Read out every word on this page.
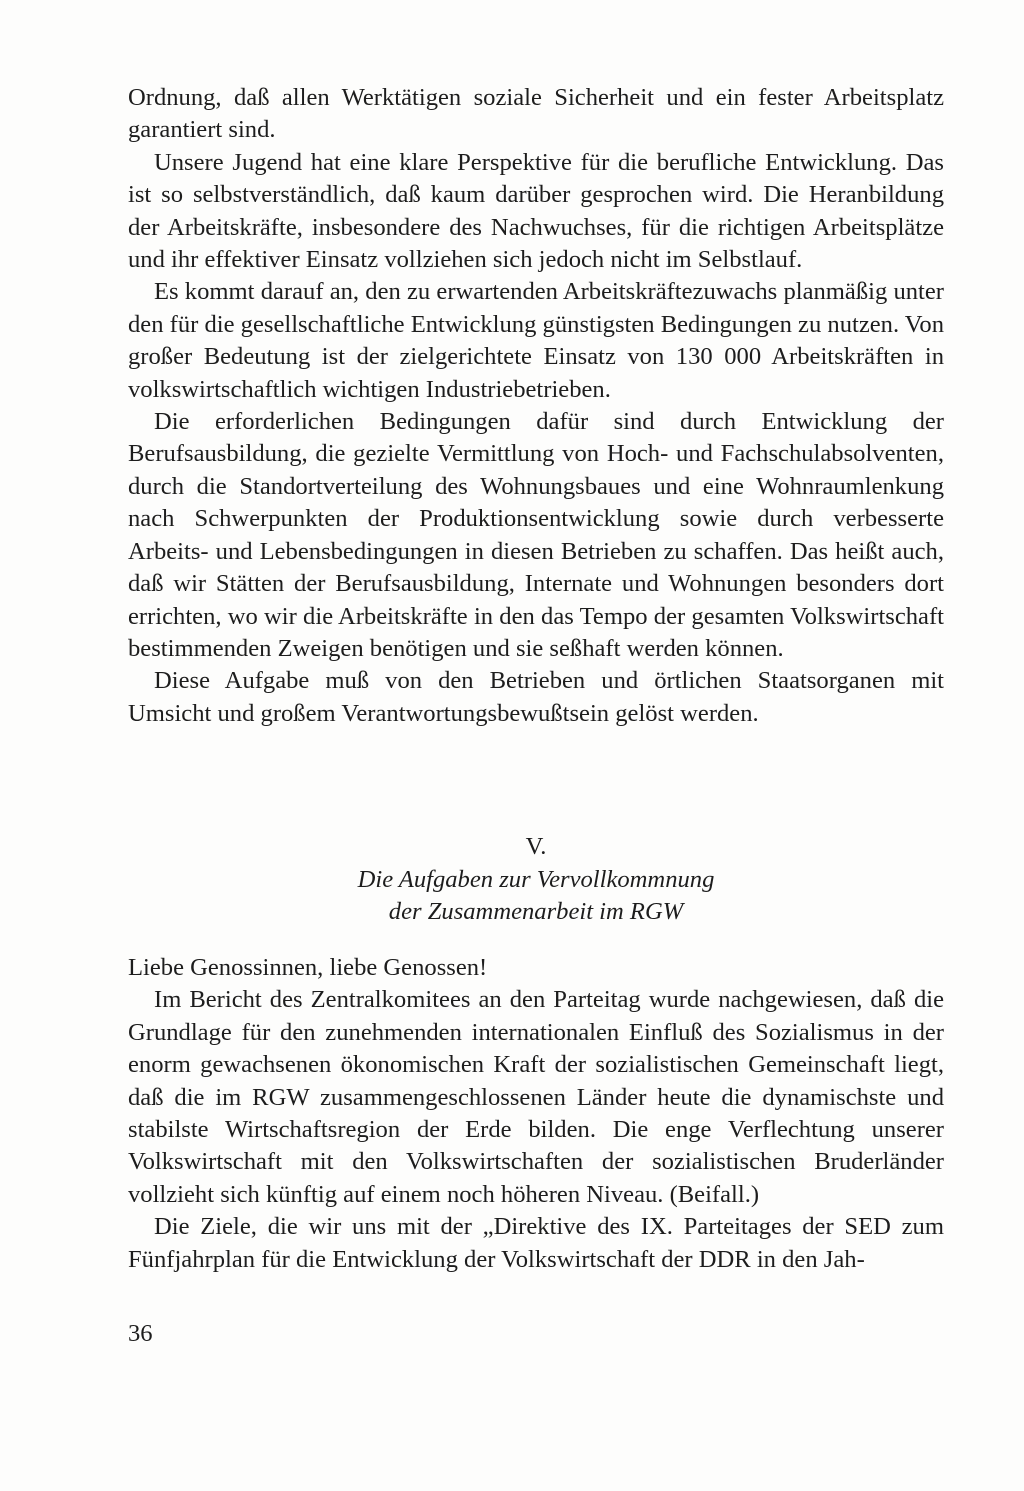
Ordnung, daß allen Werktätigen soziale Sicherheit und ein fester Arbeitsplatz garantiert sind.

Unsere Jugend hat eine klare Perspektive für die berufliche Entwicklung. Das ist so selbstverständlich, daß kaum darüber gesprochen wird. Die Heranbildung der Arbeitskräfte, insbesondere des Nachwuchses, für die richtigen Arbeitsplätze und ihr effektiver Einsatz vollziehen sich jedoch nicht im Selbstlauf.

Es kommt darauf an, den zu erwartenden Arbeitskräftezuwachs planmäßig unter den für die gesellschaftliche Entwicklung günstigsten Bedingungen zu nutzen. Von großer Bedeutung ist der zielgerichtete Einsatz von 130 000 Arbeitskräften in volkswirtschaftlich wichtigen Industriebetrieben.

Die erforderlichen Bedingungen dafür sind durch Entwicklung der Berufsausbildung, die gezielte Vermittlung von Hoch- und Fachschulabsolventen, durch die Standortverteilung des Wohnungsbaues und eine Wohnraumlenkung nach Schwerpunkten der Produktionsentwicklung sowie durch verbesserte Arbeits- und Lebensbedingungen in diesen Betrieben zu schaffen. Das heißt auch, daß wir Stätten der Berufsausbildung, Internate und Wohnungen besonders dort errichten, wo wir die Arbeitskräfte in den das Tempo der gesamten Volkswirtschaft bestimmenden Zweigen benötigen und sie seßhaft werden können.

Diese Aufgabe muß von den Betrieben und örtlichen Staatsorganen mit Umsicht und großem Verantwortungsbewußtsein gelöst werden.

V.
Die Aufgaben zur Vervollkommnung
der Zusammenarbeit im RGW

Liebe Genossinnen, liebe Genossen!

Im Bericht des Zentralkomitees an den Parteitag wurde nachgewiesen, daß die Grundlage für den zunehmenden internationalen Einfluß des Sozialismus in der enorm gewachsenen ökonomischen Kraft der sozialistischen Gemeinschaft liegt, daß die im RGW zusammengeschlossenen Länder heute die dynamischste und stabilste Wirtschaftsregion der Erde bilden. Die enge Verflechtung unserer Volkswirtschaft mit den Volkswirtschaften der sozialistischen Bruderländer vollzieht sich künftig auf einem noch höheren Niveau. (Beifall.)

Die Ziele, die wir uns mit der „Direktive des IX. Parteitages der SED zum Fünfjahrplan für die Entwicklung der Volkswirtschaft der DDR in den Jah-

36
